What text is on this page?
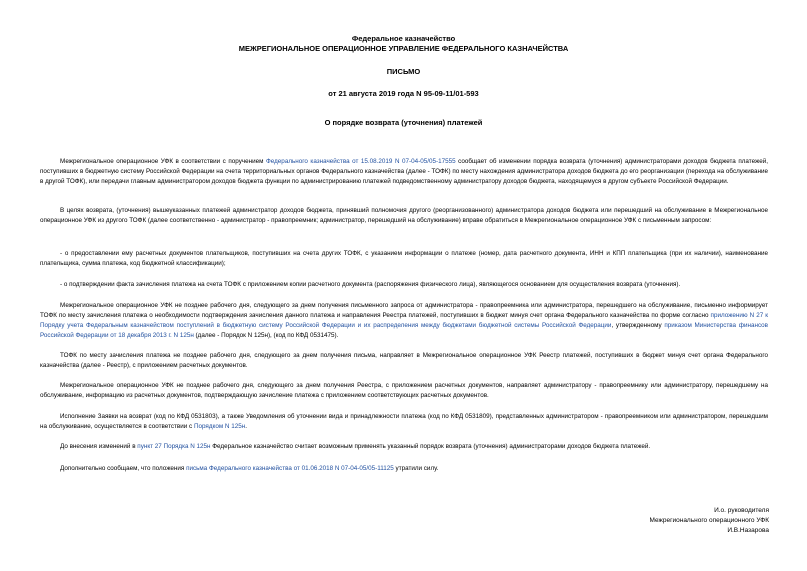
Федеральное казначейство
МЕЖРЕГИОНАЛЬНОЕ ОПЕРАЦИОННОЕ УПРАВЛЕНИЕ ФЕДЕРАЛЬНОГО КАЗНАЧЕЙСТВА
ПИСЬМО
от 21 августа 2019 года N 95-09-11/01-593
О порядке возврата (уточнения) платежей

Межрегиональное операционное УФК в соответствии с поручением Федерального казначейства от 15.08.2019 N 07-04-05/05-17555 сообщает об изменении порядка возврата (уточнения) администраторами доходов бюджета платежей, поступивших в бюджетную систему Российской Федерации на счета территориальных органов Федерального казначейства (далее - ТОФК) по месту нахождения администратора доходов бюджета до его реорганизации (перехода на обслуживание в другой ТОФК), или передачи главным администратором доходов бюджета функции по администрированию платежей подведомственному администратору доходов бюджета, находящемуся в другом субъекте Российской Федерации.

В целях возврата, (уточнения) вышеуказанных платежей администратор доходов бюджета, принявший полномочия другого (реорганизованного) администратора доходов бюджета или перешедший на обслуживание в Межрегиональное операционное УФК из другого ТОФК (далее соответственно - администратор - правопреемник; администратор, перешедший на обслуживание) вправе обратиться в Межрегиональное операционное УФК с письменным запросом:

- о предоставлении ему расчетных документов плательщиков, поступивших на счета других ТОФК, с указанием информации о платеже (номер, дата расчетного документа, ИНН и КПП плательщика (при их наличии), наименование плательщика, сумма платежа, код бюджетной классификации);

- о подтверждении факта зачисления платежа на счета ТОФК с приложением копии расчетного документа (распоряжения физического лица), являющегося основанием для осуществления возврата (уточнения).

Межрегиональное операционное УФК не позднее рабочего дня, следующего за днем получения письменного запроса от администратора - правопреемника или администратора, перешедшего на обслуживание, письменно информирует ТОФК по месту зачисления платежа о необходимости подтверждения зачисления данного платежа и направления Реестра платежей, поступивших в бюджет минуя счет органа Федерального казначейства по форме согласно приложению N 27 к Порядку учета Федеральным казначейством поступлений в бюджетную систему Российской Федерации и их распределения между бюджетами бюджетной системы Российской Федерации, утвержденному приказом Министерства финансов Российской Федерации от 18 декабря 2013 г. N 125н (далее - Порядок N 125н), (код по КФД 0531475).

ТОФК по месту зачисления платежа не позднее рабочего дня, следующего за днем получения письма, направляет в Межрегиональное операционное УФК Реестр платежей, поступивших в бюджет минуя счет органа Федерального казначейства (далее - Реестр), с приложением расчетных документов.

Межрегиональное операционное УФК не позднее рабочего дня, следующего за днем получения Реестра, с приложением расчетных документов, направляет администратору - правопреемнику или администратору, перешедшему на обслуживание, информацию из расчетных документов, подтверждающую зачисление платежа с приложением соответствующих расчетных документов.

Исполнение Заявки на возврат (код по КФД 0531803), а также Уведомления об уточнении вида и принадлежности платежа (код по КФД 0531809), представленных администратором - правопреемником или администратором, перешедшим на обслуживание, осуществляется в соответствии с Порядком N 125н.

До внесения изменений в пункт 27 Порядка N 125н Федеральное казначейство считает возможным применять указанный порядок возврата (уточнения) администраторами доходов бюджета платежей.

Дополнительно сообщаем, что положения письма Федерального казначейства от 01.06.2018 N 07-04-05/05-11125 утратили силу.

И.о. руководителя
Межрегионального операционного УФК
И.В.Назарова
